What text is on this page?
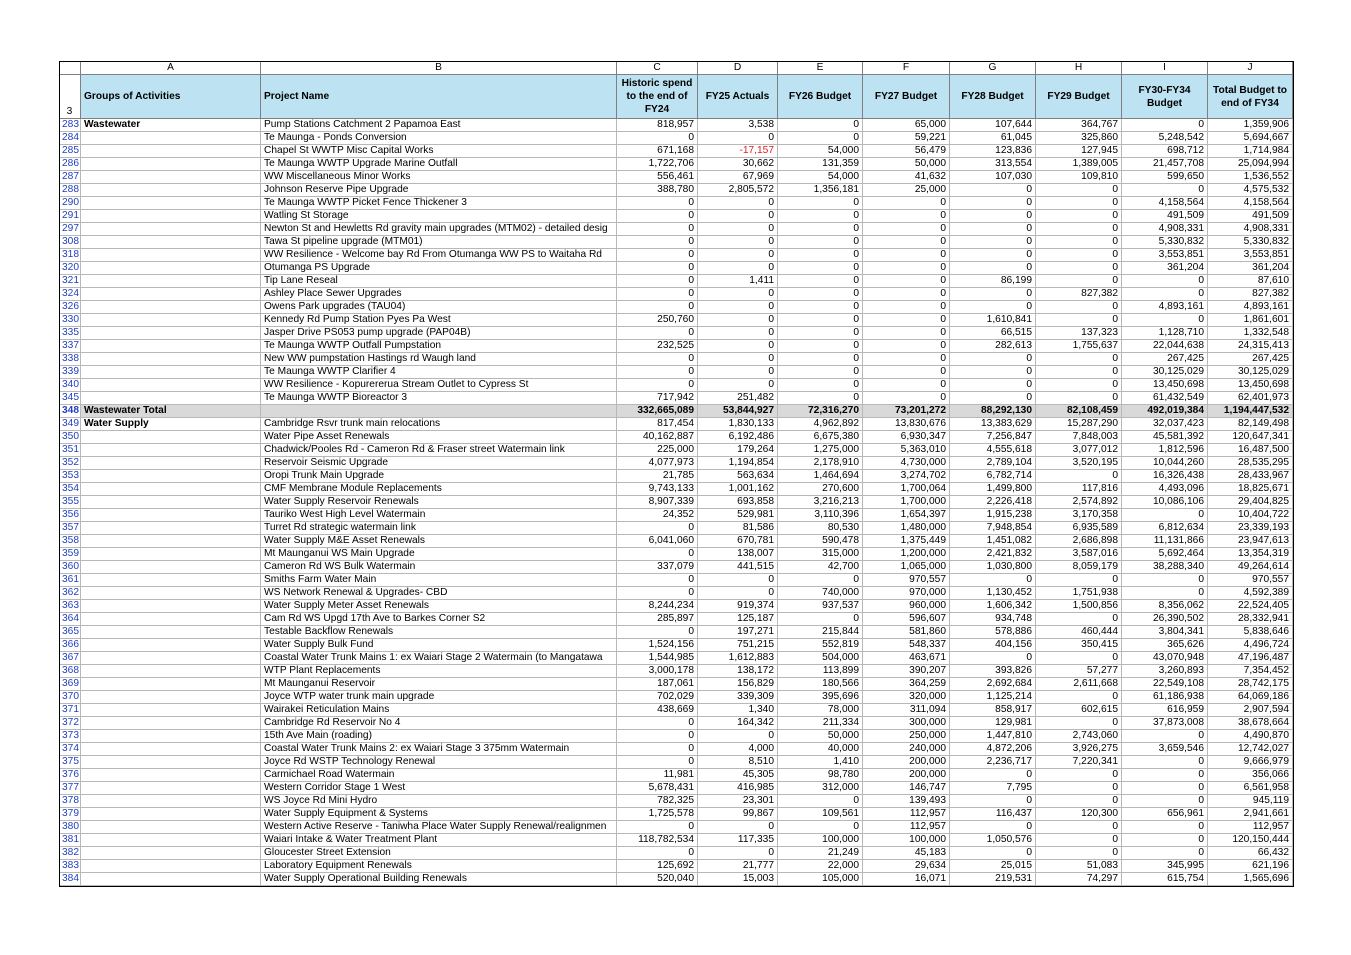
	A	B	C	D	E	F	G	H	I	J
3	Groups of Activities	Project Name	Historic spend to the end of FY24	FY25 Actuals	FY26 Budget	FY27 Budget	FY28 Budget	FY29 Budget	FY30-FY34 Budget	Total Budget to end of FY34
283	Wastewater	Pump Stations Catchment 2 Papamoa East	818,957	3,538	0	65,000	107,644	364,767	0	1,359,906
284		Te Maunga - Ponds Conversion	0	0	0	59,221	61,045	325,860	5,248,542	5,694,667
285		Chapel St WWTP Misc Capital Works	671,168	-17,157	54,000	56,479	123,836	127,945	698,712	1,714,984
286		Te Maunga WWTP Upgrade Marine Outfall	1,722,706	30,662	131,359	50,000	313,554	1,389,005	21,457,708	25,094,994
287		WW Miscellaneous Minor Works	556,461	67,969	54,000	41,632	107,030	109,810	599,650	1,536,552
288		Johnson Reserve Pipe Upgrade	388,780	2,805,572	1,356,181	25,000	0	0	0	4,575,532
290		Te Maunga WWTP Picket Fence Thickener 3	0	0	0	0	0	0	4,158,564	4,158,564
291		Watling St Storage	0	0	0	0	0	0	491,509	491,509
297		Newton St and Hewletts Rd gravity main upgrades (MTM02) - detailed desig	0	0	0	0	0	0	4,908,331	4,908,331
308		Tawa St pipeline upgrade (MTM01)	0	0	0	0	0	0	5,330,832	5,330,832
318		WW Resilience - Welcome bay Rd From Otumanga WW PS to Waitaha Rd	0	0	0	0	0	0	3,553,851	3,553,851
320		Otumanga PS Upgrade	0	0	0	0	0	0	361,204	361,204
321		Tip Lane Reseal	0	1,411	0	0	86,199	0	0	87,610
324		Ashley Place Sewer Upgrades	0	0	0	0	0	827,382	0	827,382
326		Owens Park upgrades (TAU04)	0	0	0	0	0	0	4,893,161	4,893,161
330		Kennedy Rd Pump Station Pyes Pa West	250,760	0	0	0	1,610,841	0	0	1,861,601
335		Jasper Drive PS053 pump upgrade (PAP04B)	0	0	0	0	66,515	137,323	1,128,710	1,332,548
337		Te Maunga WWTP Outfall Pumpstation	232,525	0	0	0	282,613	1,755,637	22,044,638	24,315,413
338		New WW pumpstation Hastings rd Waugh land	0	0	0	0	0	0	267,425	267,425
339		Te Maunga WWTP Clarifier 4	0	0	0	0	0	0	30,125,029	30,125,029
340		WW Resilience - Kopurererua Stream Outlet to Cypress St	0	0	0	0	0	0	13,450,698	13,450,698
345		Te Maunga WWTP Bioreactor 3	717,942	251,482	0	0	0	0	61,432,549	62,401,973
348	Wastewater Total		332,665,089	53,844,927	72,316,270	73,201,272	88,292,130	82,108,459	492,019,384	1,194,447,532
349	Water Supply	Cambridge Rsvr trunk main relocations	817,454	1,830,133	4,962,892	13,830,676	13,383,629	15,287,290	32,037,423	82,149,498
350		Water Pipe Asset Renewals	40,162,887	6,192,486	6,675,380	6,930,347	7,256,847	7,848,003	45,581,392	120,647,341
351		Chadwick/Pooles Rd - Cameron Rd & Fraser street Watermain link	225,000	179,264	1,275,000	5,363,010	4,555,618	3,077,012	1,812,596	16,487,500
352		Reservoir Seismic Upgrade	4,077,973	1,194,854	2,178,910	4,730,000	2,789,104	3,520,195	10,044,260	28,535,295
353		Oropi Trunk Main Upgrade	21,785	563,634	1,464,694	3,274,702	6,782,714	0	16,326,438	28,433,967
354		CMF Membrane Module Replacements	9,743,133	1,001,162	270,600	1,700,064	1,499,800	117,816	4,493,096	18,825,671
355		Water Supply Reservoir Renewals	8,907,339	693,858	3,216,213	1,700,000	2,226,418	2,574,892	10,086,106	29,404,825
356		Tauriko West High Level Watermain	24,352	529,981	3,110,396	1,654,397	1,915,238	3,170,358	0	10,404,722
357		Turret Rd strategic watermain link	0	81,586	80,530	1,480,000	7,948,854	6,935,589	6,812,634	23,339,193
358		Water Supply M&E Asset Renewals	6,041,060	670,781	590,478	1,375,449	1,451,082	2,686,898	11,131,866	23,947,613
359		Mt Maunganui WS Main Upgrade	0	138,007	315,000	1,200,000	2,421,832	3,587,016	5,692,464	13,354,319
360		Cameron Rd WS Bulk Watermain	337,079	441,515	42,700	1,065,000	1,030,800	8,059,179	38,288,340	49,264,614
361		Smiths Farm Water Main	0	0	0	970,557	0	0	0	970,557
362		WS Network Renewal & Upgrades- CBD	0	0	740,000	970,000	1,130,452	1,751,938	0	4,592,389
363		Water Supply Meter Asset Renewals	8,244,234	919,374	937,537	960,000	1,606,342	1,500,856	8,356,062	22,524,405
364		Cam Rd WS Upgd 17th Ave to Barkes Corner S2	285,897	125,187	0	596,607	934,748	0	26,390,502	28,332,941
365		Testable Backflow Renewals	0	197,271	215,844	581,860	578,886	460,444	3,804,341	5,838,646
366		Water Supply Bulk Fund	1,524,156	751,215	552,819	548,337	404,156	350,415	365,626	4,496,724
367		Coastal Water Trunk Mains 1: ex Waiari Stage 2 Watermain (to Mangatawa	1,544,985	1,612,883	504,000	463,671	0	0	43,070,948	47,196,487
368		WTP Plant Replacements	3,000,178	138,172	113,899	390,207	393,826	57,277	3,260,893	7,354,452
369		Mt Maunganui Reservoir	187,061	156,829	180,566	364,259	2,692,684	2,611,668	22,549,108	28,742,175
370		Joyce WTP water trunk main upgrade	702,029	339,309	395,696	320,000	1,125,214	0	61,186,938	64,069,186
371		Wairakei Reticulation Mains	438,669	1,340	78,000	311,094	858,917	602,615	616,959	2,907,594
372		Cambridge Rd Reservoir No 4	0	164,342	211,334	300,000	129,981	0	37,873,008	38,678,664
373		15th Ave Main (roading)	0	0	50,000	250,000	1,447,810	2,743,060	0	4,490,870
374		Coastal Water Trunk Mains 2: ex Waiari Stage 3 375mm Watermain	0	4,000	40,000	240,000	4,872,206	3,926,275	3,659,546	12,742,027
375		Joyce Rd WSTP Technology Renewal	0	8,510	1,410	200,000	2,236,717	7,220,341	0	9,666,979
376		Carmichael Road Watermain	11,981	45,305	98,780	200,000	0	0	0	356,066
377		Western Corridor Stage 1 West	5,678,431	416,985	312,000	146,747	7,795	0	0	6,561,958
378		WS Joyce Rd Mini Hydro	782,325	23,301	0	139,493	0	0	0	945,119
379		Water Supply Equipment & Systems	1,725,578	99,867	109,561	112,957	116,437	120,300	656,961	2,941,661
380		Western Active Reserve - Taniwha Place Water Supply Renewal/realignmen	0	0	0	112,957	0	0	0	112,957
381		Waiari Intake & Water Treatment Plant	118,782,534	117,335	100,000	100,000	1,050,576	0	0	120,150,444
382		Gloucester Street Extension	0	0	21,249	45,183	0	0	0	66,432
383		Laboratory Equipment Renewals	125,692	21,777	22,000	29,634	25,015	51,083	345,995	621,196
384		Water Supply Operational Building Renewals	520,040	15,003	105,000	16,071	219,531	74,297	615,754	1,565,696
